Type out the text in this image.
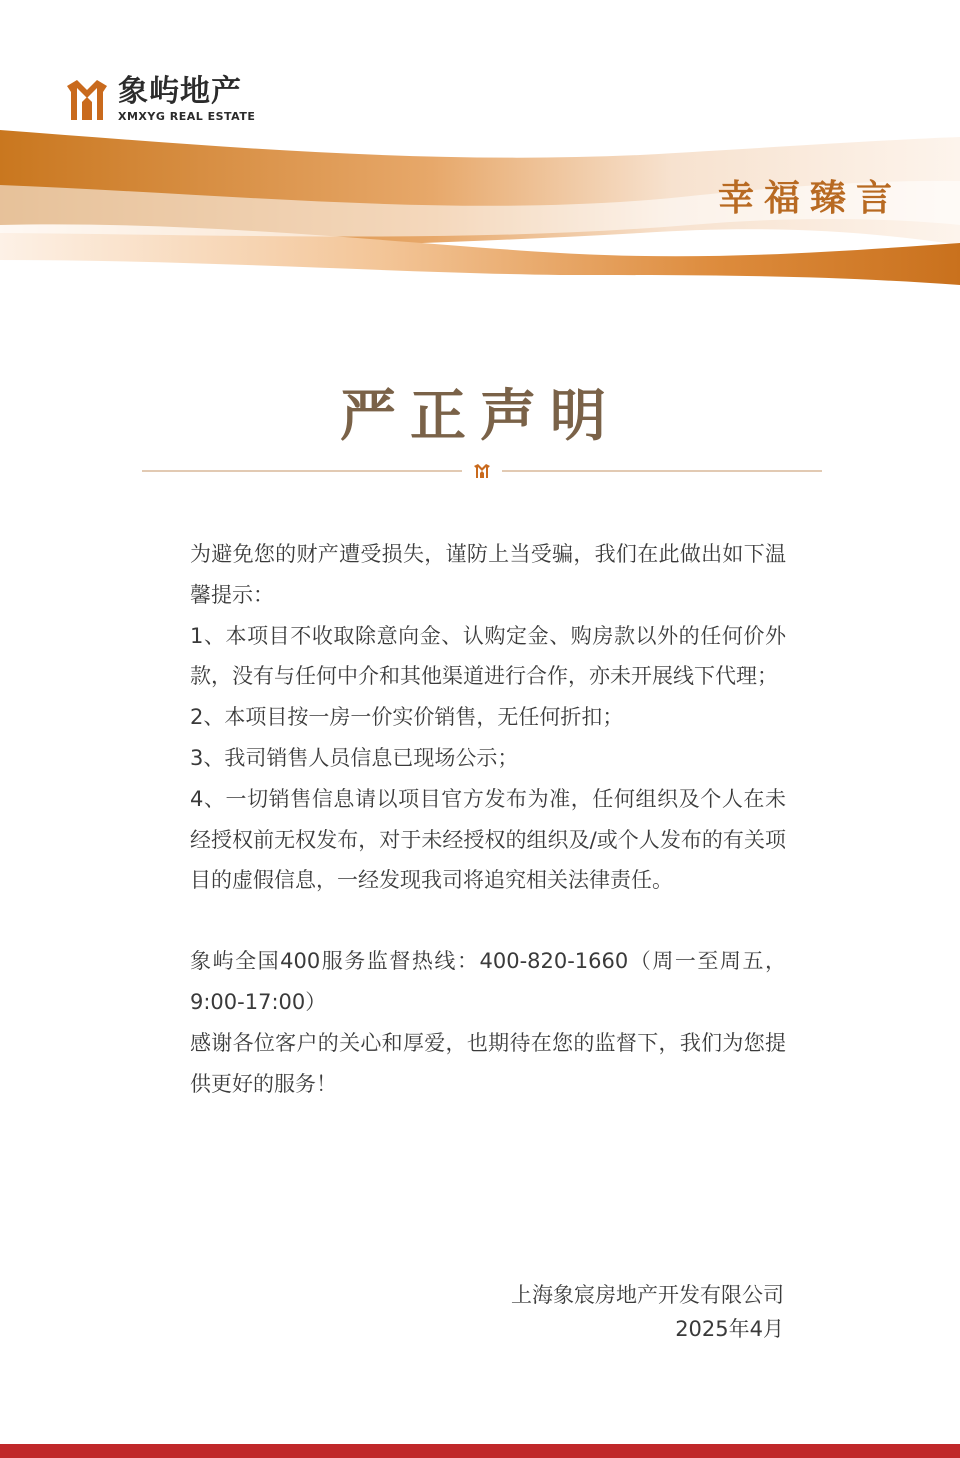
象屿地产
XMXYG REAL ESTATE
幸福臻言
严正声明

为避免您的财产遭受损失，谨防上当受骗，我们在此做出如下温馨提示：

1、本项目不收取除意向金、认购定金、购房款以外的任何价外款，没有与任何中介和其他渠道进行合作，亦未开展线下代理；

2、本项目按一房一价实价销售，无任何折扣；

3、我司销售人员信息已现场公示；

4、一切销售信息请以项目官方发布为准，任何组织及个人在未经授权前无权发布，对于未经授权的组织及/或个人发布的有关项目的虚假信息，一经发现我司将追究相关法律责任。

象屿全国400服务监督热线：400-820-1660（周一至周五，9:00-17:00）

感谢各位客户的关心和厚爱，也期待在您的监督下，我们为您提供更好的服务！

上海象宸房地产开发有限公司
2025年4月
